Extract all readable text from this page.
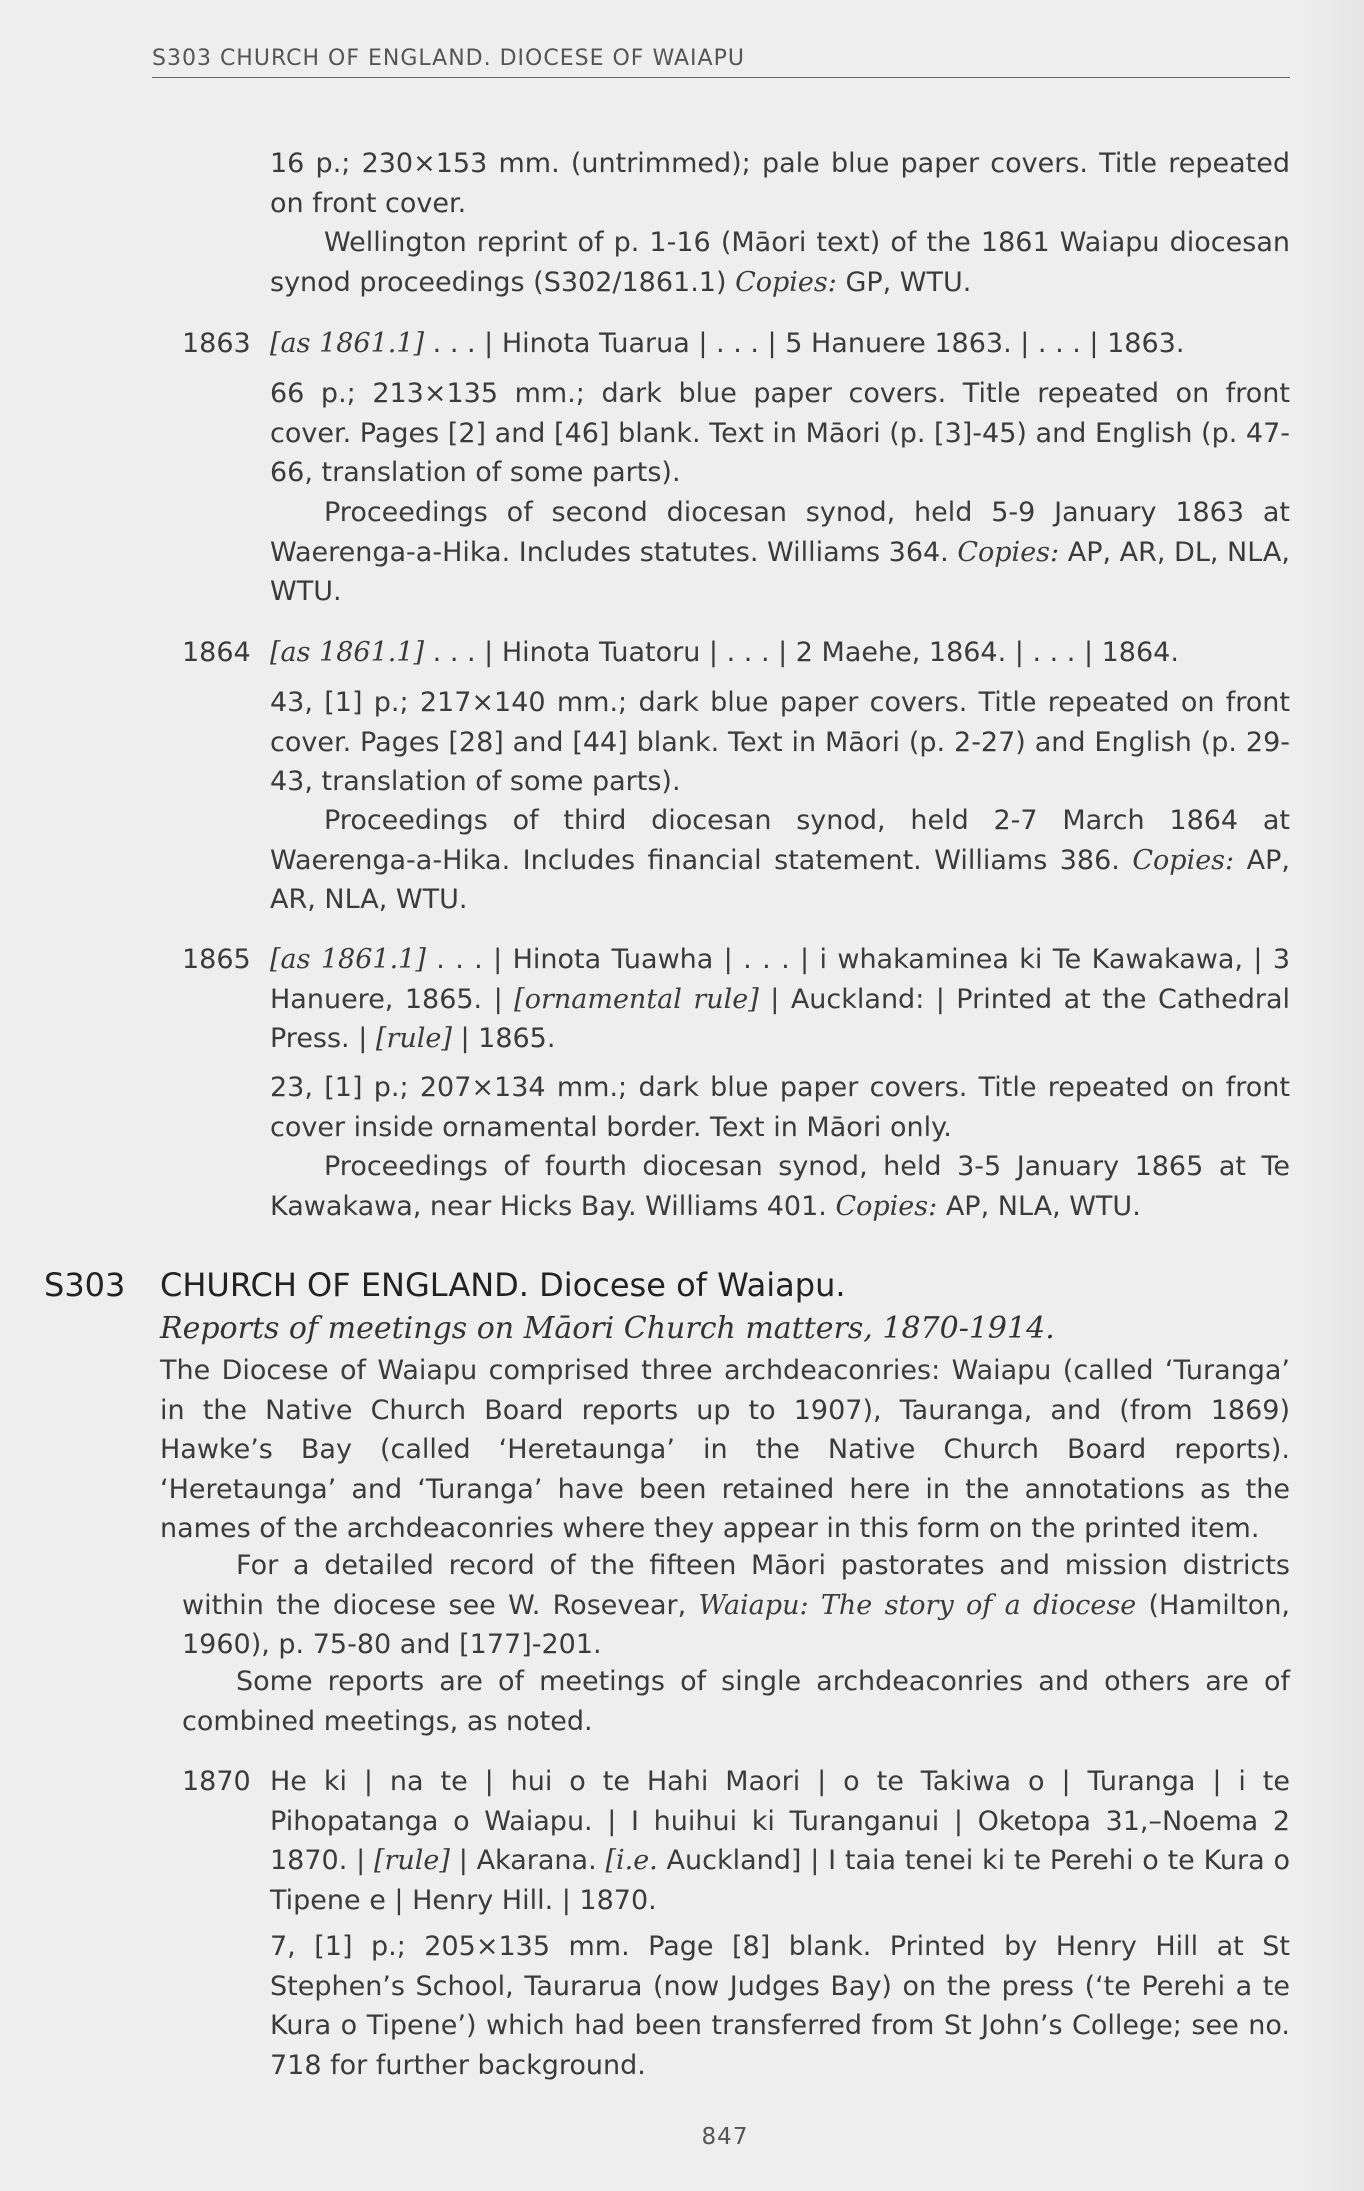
S303 CHURCH OF ENGLAND. DIOCESE OF WAIAPU

16 p.; 230×153 mm. (untrimmed); pale blue paper covers. Title repeated on front cover.

Wellington reprint of p. 1-16 (Māori text) of the 1861 Waiapu diocesan synod proceedings (S302/1861.1) Copies: GP, WTU.

1863 [as 1861.1] . . . | Hinota Tuarua | . . . | 5 Hanuere 1863. | . . . | 1863.

66 p.; 213×135 mm.; dark blue paper covers. Title repeated on front cover. Pages [2] and [46] blank. Text in Māori (p. [3]-45) and English (p. 47-66, translation of some parts).

Proceedings of second diocesan synod, held 5-9 January 1863 at Waerenga-a-Hika. Includes statutes. Williams 364. Copies: AP, AR, DL, NLA, WTU.

1864 [as 1861.1] . . . | Hinota Tuatoru | . . . | 2 Maehe, 1864. | . . . | 1864.

43, [1] p.; 217×140 mm.; dark blue paper covers. Title repeated on front cover. Pages [28] and [44] blank. Text in Māori (p. 2-27) and English (p. 29-43, translation of some parts).

Proceedings of third diocesan synod, held 2-7 March 1864 at Waerenga-a-Hika. Includes financial statement. Williams 386. Copies: AP, AR, NLA, WTU.

1865 [as 1861.1] . . . | Hinota Tuawha | . . . | i whakaminea ki Te Kawakawa, | 3 Hanuere, 1865. | [ornamental rule] | Auckland: | Printed at the Cathedral Press. | [rule] | 1865.

23, [1] p.; 207×134 mm.; dark blue paper covers. Title repeated on front cover inside ornamental border. Text in Māori only.

Proceedings of fourth diocesan synod, held 3-5 January 1865 at Te Kawakawa, near Hicks Bay. Williams 401. Copies: AP, NLA, WTU.

S303 CHURCH OF ENGLAND. Diocese of Waiapu.

Reports of meetings on Māori Church matters, 1870-1914.

The Diocese of Waiapu comprised three archdeaconries: Waiapu (called ‘Turanga’ in the Native Church Board reports up to 1907), Tauranga, and (from 1869) Hawke’s Bay (called ‘Heretaunga’ in the Native Church Board reports). ‘Heretaunga’ and ‘Turanga’ have been retained here in the annotations as the names of the archdeaconries where they appear in this form on the printed item.

For a detailed record of the fifteen Māori pastorates and mission districts within the diocese see W. Rosevear, Waiapu: The story of a diocese (Hamilton, 1960), p. 75-80 and [177]-201.

Some reports are of meetings of single archdeaconries and others are of combined meetings, as noted.

1870 He ki | na te | hui o te Hahi Maori | o te Takiwa o | Turanga | i te Pihopatanga o Waiapu. | I huihui ki Turanganui | Oketopa 31,–Noema 2 1870. | [rule] | Akarana. [i.e. Auckland] | I taia tenei ki te Perehi o te Kura o Tipene e | Henry Hill. | 1870.

7, [1] p.; 205×135 mm. Page [8] blank. Printed by Henry Hill at St Stephen’s School, Taurarua (now Judges Bay) on the press (‘te Perehi a te Kura o Tipene’) which had been transferred from St John’s College; see no. 718 for further background.

847
